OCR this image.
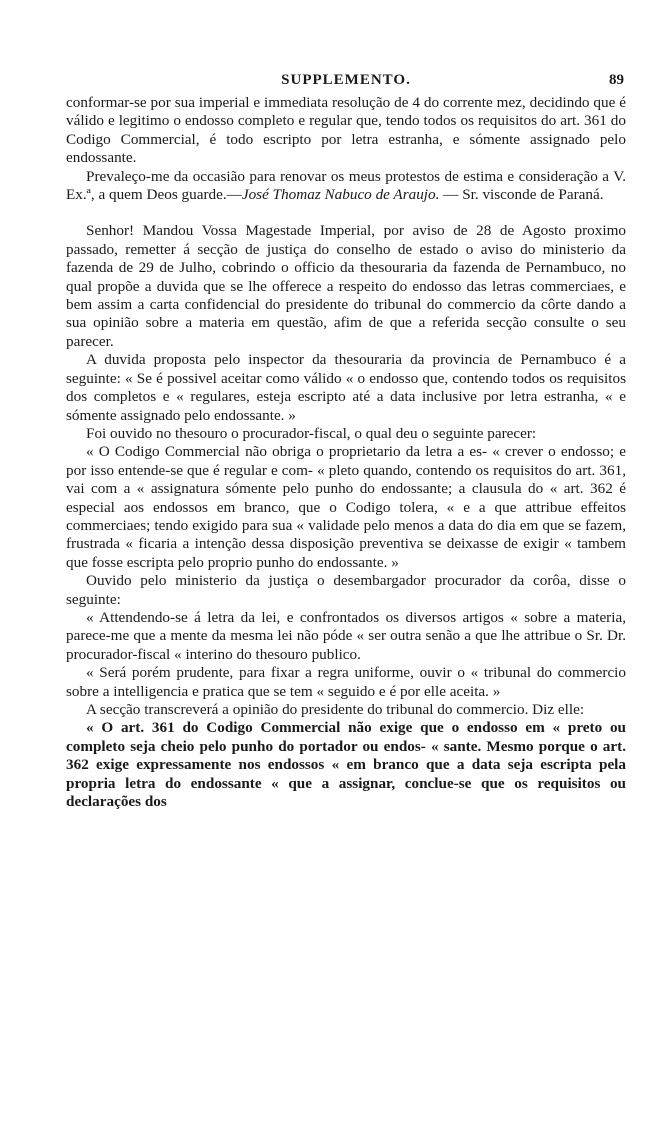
SUPPLEMENTO.	89

conformar-se por sua imperial e immediata resolução de 4 do corrente mez, decidindo que é válido e legitimo o endosso completo e regular que, tendo todos os requisitos do art. 361 do Codigo Commercial, é todo escripto por letra estranha, e sómente assignado pelo endossante.

Prevaleço-me da occasião para renovar os meus protestos de estima e consideração a V. Ex.ª, a quem Deos guarde.—José Thomaz Nabuco de Araujo. — Sr. visconde de Paraná.

Senhor! Mandou Vossa Magestade Imperial, por aviso de 28 de Agosto proximo passado, remetter á secção de justiça do conselho de estado o aviso do ministerio da fazenda de 29 de Julho, cobrindo o officio da thesouraria da fazenda de Pernambuco, no qual propõe a duvida que se lhe offerece a respeito do endosso das letras commerciaes, e bem assim a carta confidencial do presidente do tribunal do commercio da côrte dando a sua opinião sobre a materia em questão, afim de que a referida secção consulte o seu parecer.

A duvida proposta pelo inspector da thesouraria da provincia de Pernambuco é a seguinte: « Se é possivel aceitar como válido « o endosso que, contendo todos os requisitos dos completos e « regulares, esteja escripto até a data inclusive por letra estranha, « e sómente assignado pelo endossante. »

Foi ouvido no thesouro o procurador-fiscal, o qual deu o seguinte parecer:

« O Codigo Commercial não obriga o proprietario da letra a es- « crever o endosso; e por isso entende-se que é regular e com- « pleto quando, contendo os requisitos do art. 361, vai com a « assignatura sómente pelo punho do endossante; a clausula do « art. 362 é especial aos endossos em branco, que o Codigo tolera, « e a que attribue effeitos commerciaes; tendo exigido para sua « validade pelo menos a data do dia em que se fazem, frustrada « ficaria a intenção dessa disposição preventiva se deixasse de exigir « tambem que fosse escripta pelo proprio punho do endossante. »

Ouvido pelo ministerio da justiça o desembargador procurador da corôa, disse o seguinte:

« Attendendo-se á letra da lei, e confrontados os diversos artigos « sobre a materia, parece-me que a mente da mesma lei não póde « ser outra senão a que lhe attribue o Sr. Dr. procurador-fiscal « interino do thesouro publico.

« Será porém prudente, para fixar a regra uniforme, ouvir o « tribunal do commercio sobre a intelligencia e pratica que se tem « seguido e é por elle aceita. »

A secção transcreverá a opinião do presidente do tribunal do commercio. Diz elle:

« O art. 361 do Codigo Commercial não exige que o endosso em « preto ou completo seja cheio pelo punho do portador ou endos- « sante. Mesmo porque o art. 362 exige expressamente nos endossos « em branco que a data seja escripta pela propria letra do endossante « que a assignar, conclue-se que os requisitos ou declarações dos
